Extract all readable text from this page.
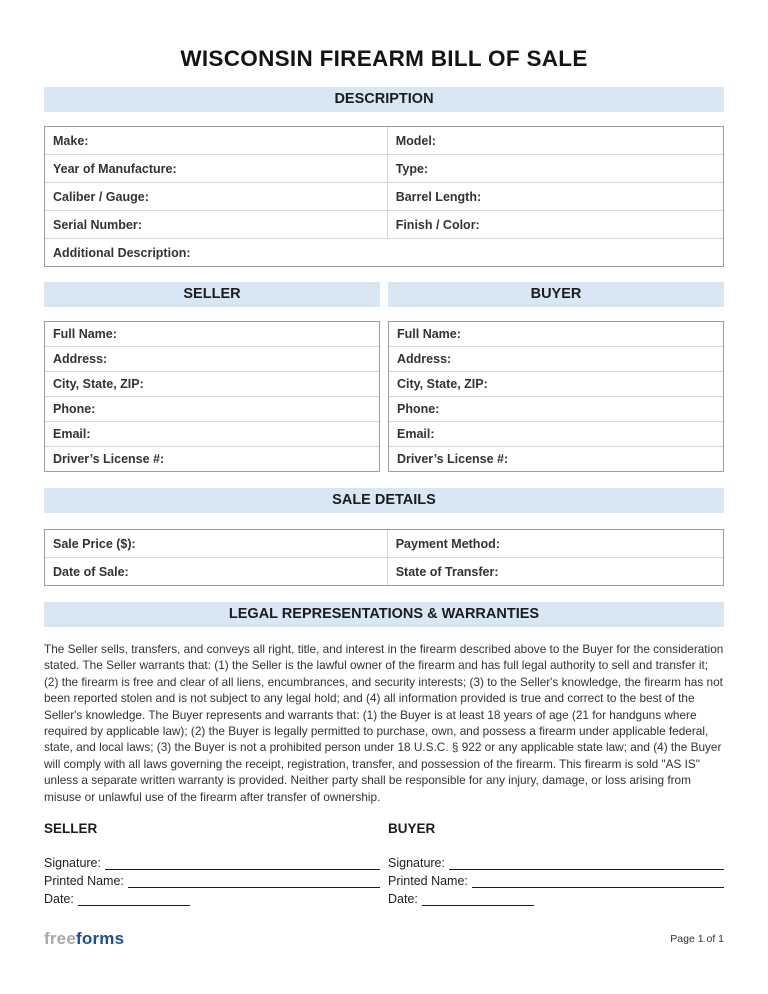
WISCONSIN FIREARM BILL OF SALE
DESCRIPTION
Make:	Model:
Year of Manufacture:	Type:
Caliber / Gauge:	Barrel Length:
Serial Number:	Finish / Color:
Additional Description:
SELLER	BUYER
Full Name:
Address:
City, State, ZIP:
Phone:
Email:
Driver’s License #:
Full Name:
Address:
City, State, ZIP:
Phone:
Email:
Driver’s License #:
SALE DETAILS
Sale Price ($):	Payment Method:
Date of Sale:	State of Transfer:
LEGAL REPRESENTATIONS & WARRANTIES
The Seller sells, transfers, and conveys all right, title, and interest in the firearm described above to the Buyer for the consideration stated. The Seller warrants that: (1) the Seller is the lawful owner of the firearm and has full legal authority to sell and transfer it; (2) the firearm is free and clear of all liens, encumbrances, and security interests; (3) to the Seller's knowledge, the firearm has not been reported stolen and is not subject to any legal hold; and (4) all information provided is true and correct to the best of the Seller's knowledge. The Buyer represents and warrants that: (1) the Buyer is at least 18 years of age (21 for handguns where required by applicable law); (2) the Buyer is legally permitted to purchase, own, and possess a firearm under applicable federal, state, and local laws; (3) the Buyer is not a prohibited person under 18 U.S.C. § 922 or any applicable state law; and (4) the Buyer will comply with all laws governing the receipt, registration, transfer, and possession of the firearm. This firearm is sold "AS IS" unless a separate written warranty is provided. Neither party shall be responsible for any injury, damage, or loss arising from misuse or unlawful use of the firearm after transfer of ownership.
SELLER
Signature:
Printed Name:
Date:
BUYER
Signature:
Printed Name:
Date:
freeforms	Page 1 of 1
